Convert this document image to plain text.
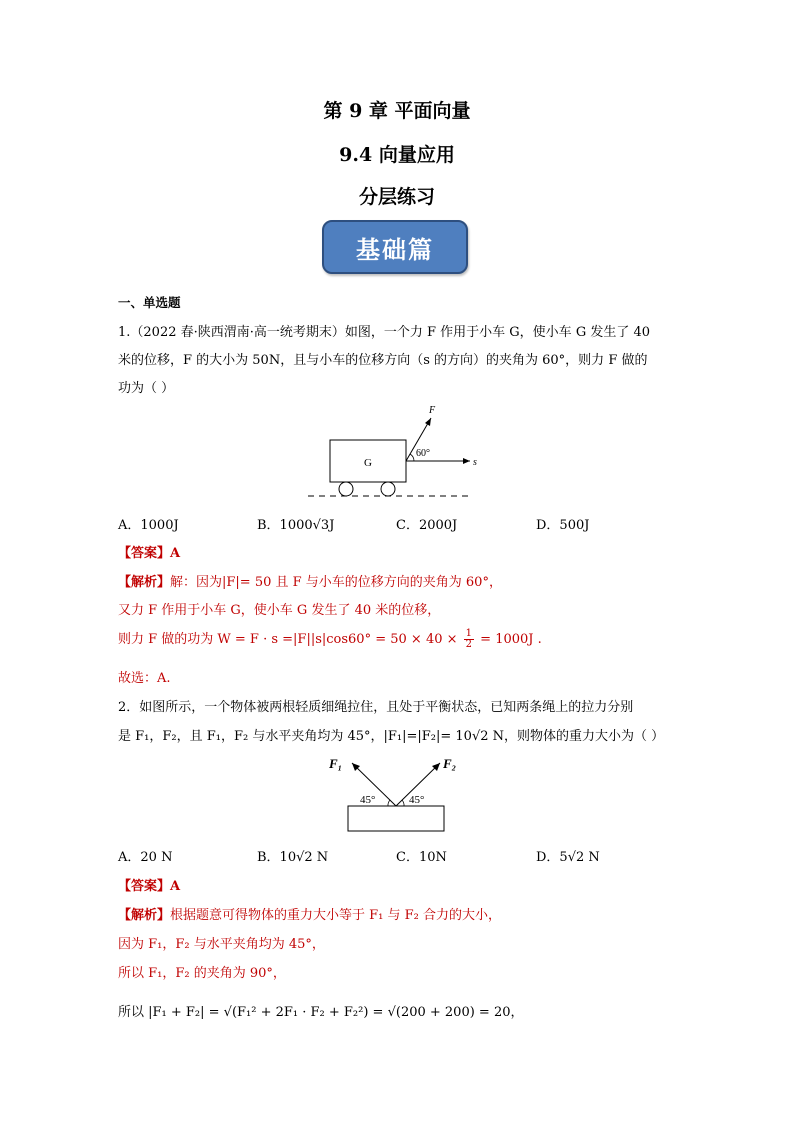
第 9 章 平面向量
9.4 向量应用
分层练习
基础篇
一、单选题
1.（2022 春·陕西渭南·高一统考期末）如图，一个力 F 作用于小车 G，使小车 G 发生了 40
米的位移，F 的大小为 50N，且与小车的位移方向（s 的方向）的夹角为 60°，则力 F 做的
功为（ ）
G
60°
F
s
A．1000J	B．1000√3J	C．2000J	D．500J
【答案】A
【解析】解：因为|F|= 50 且 F 与小车的位移方向的夹角为 60°，
又力 F 作用于小车 G，使小车 G 发生了 40 米的位移，
则力 F 做的功为 $W = F \cdot s =|F||s|\cos 60^\circ = 50 \times 40 \times \frac{1}{2} = 1000J$ .
故选：A.
2．如图所示，一个物体被两根轻质细绳拉住，且处于平衡状态，已知两条绳上的拉力分别
是 F₁，F₂，且 F₁，F₂ 与水平夹角均为 45°，|F₁|=|F₂|= 10√2 N，则物体的重力大小为（ ）
F₁	F₂
45°	45°
A．20 N	B．10√2 N	C．10N	D．5√2 N
【答案】A
【解析】根据题意可得物体的重力大小等于 F₁ 与 F₂ 合力的大小，
因为 F₁，F₂ 与水平夹角均为 45°，
所以 F₁，F₂ 的夹角为 90°，
所以 |F₁ + F₂| = √(F₁² + 2F₁ · F₂ + F₂²) = √(200 + 200) = 20，
